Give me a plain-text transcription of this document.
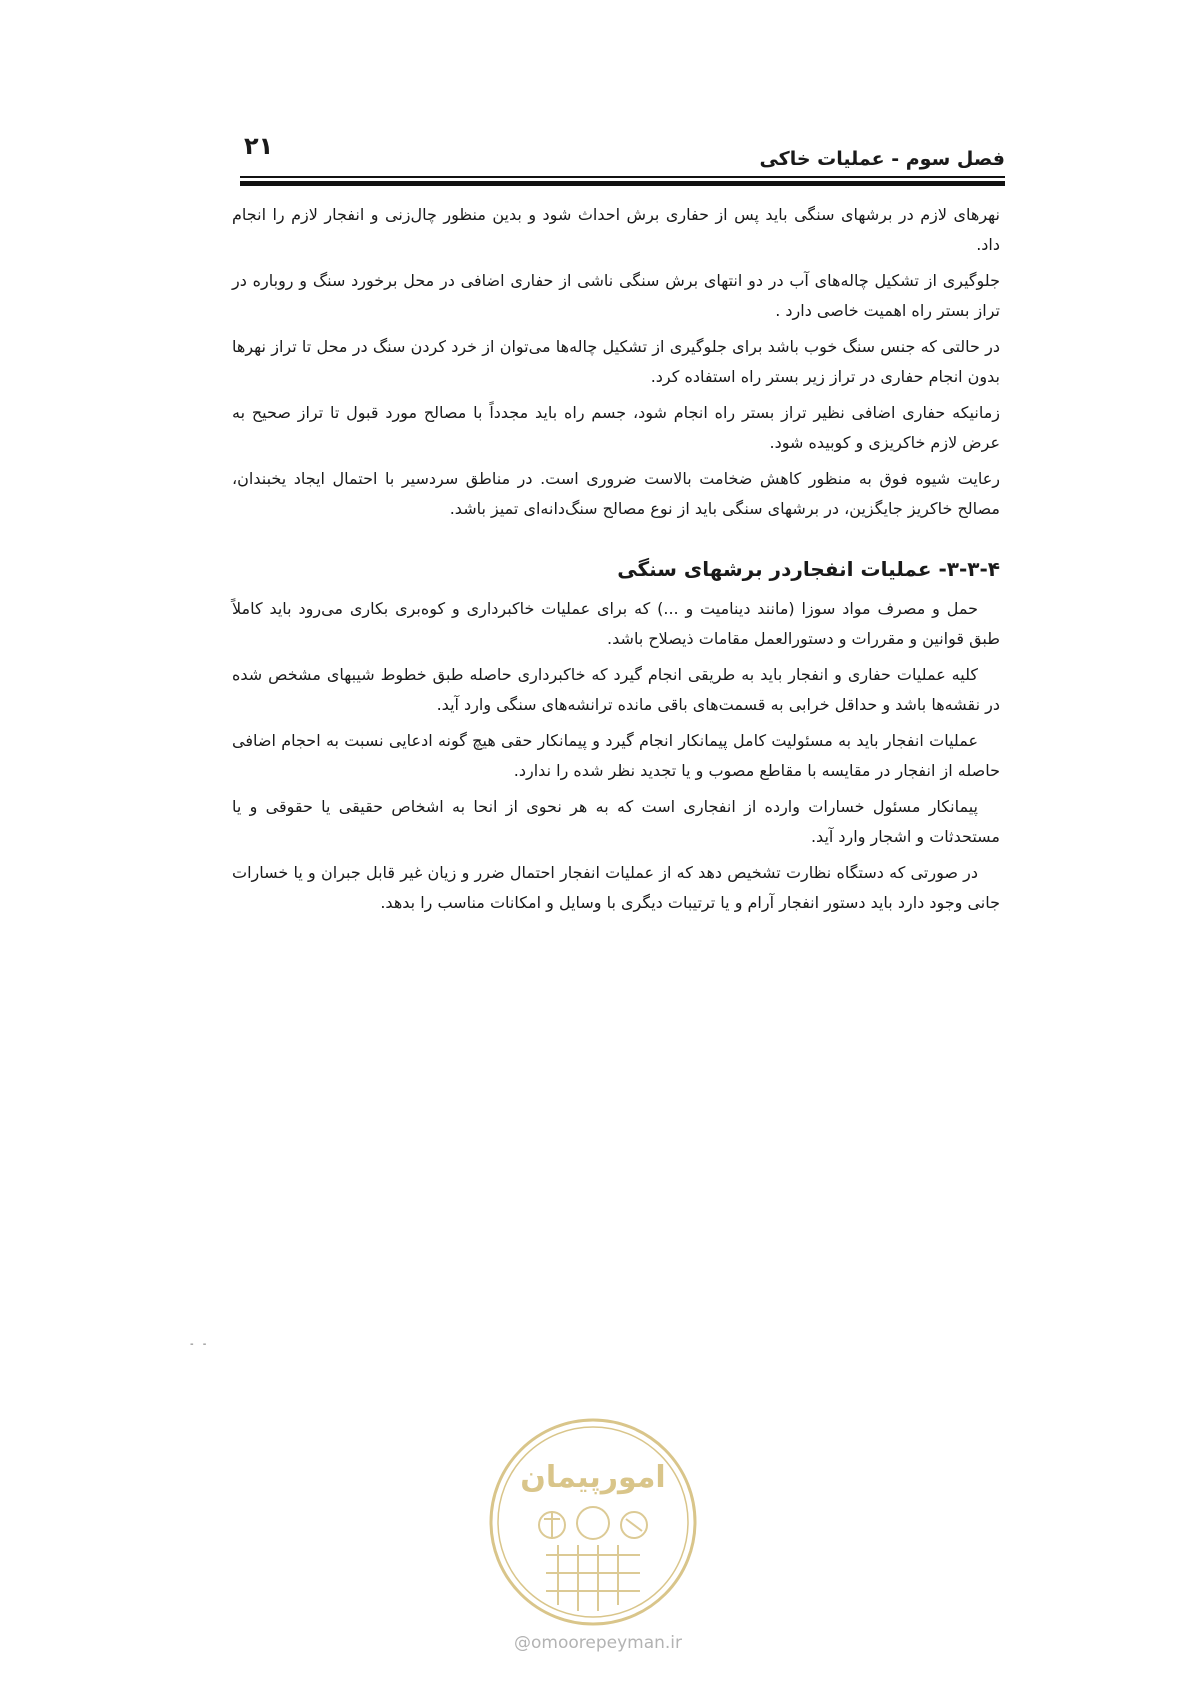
۲۱	فصل سوم - عملیات خاکی

نهرهای لازم در برشهای سنگی باید پس از حفاری برش احداث شود و بدین منظور چال‌زنی و انفجار لازم را انجام داد.

جلوگیری از تشکیل چاله‌های آب در دو انتهای برش سنگی ناشی از حفاری اضافی در محل برخورد سنگ و روباره در تراز بستر راه اهمیت خاصی دارد .

در حالتی که جنس سنگ خوب باشد برای جلوگیری از تشکیل چاله‌ها می‌توان از خرد کردن سنگ در محل تا تراز نهرها بدون انجام حفاری در تراز زیر بستر راه استفاده کرد.

زمانیکه حفاری اضافی نظیر تراز بستر راه انجام شود، جسم راه باید مجدداً با مصالح مورد قبول تا تراز صحیح به عرض لازم خاکریزی و کوبیده شود.

رعایت شیوه فوق به منظور کاهش ضخامت بالاست ضروری است. در مناطق سردسیر با احتمال ایجاد یخبندان، مصالح خاکریز جایگزین، در برشهای سنگی باید از نوع مصالح سنگ‌دانه‌ای تمیز باشد.

۳-۳-۴- عملیات انفجاردر برشهای سنگی

حمل و مصرف مواد سوزا (مانند دینامیت و ...) که برای عملیات خاکبرداری و کوه‌بری بکاری می‌رود باید کاملاً طبق قوانین و مقررات و دستورالعمل مقامات ذیصلاح باشد.

کلیه عملیات حفاری و انفجار باید به طریقی انجام گیرد که خاکبرداری حاصله طبق خطوط شیبهای مشخص شده در نقشه‌ها باشد و حداقل خرابی به قسمت‌های باقی مانده ترانشه‌های سنگی وارد آید.

عملیات انفجار باید به مسئولیت کامل پیمانکار انجام گیرد و پیمانکار حقی هیچ گونه ادعایی نسبت به احجام اضافی حاصله از انفجار در مقایسه با مقاطع مصوب و یا تجدید نظر شده را ندارد.

پیمانکار مسئول خسارات وارده از انفجاری است که به هر نحوی از انحا به اشخاص حقیقی یا حقوقی و یا مستحدثات و اشجار وارد آید.

در صورتی که دستگاه نظارت تشخیص دهد که از عملیات انفجار احتمال ضرر و زیان غیر قابل جبران و یا خسارات جانی وجود دارد باید دستور انفجار آرام و یا ترتیبات دیگری با وسایل و امکانات مناسب را بدهد.

- -
امورپیمان
@omoorepeyman.ir
